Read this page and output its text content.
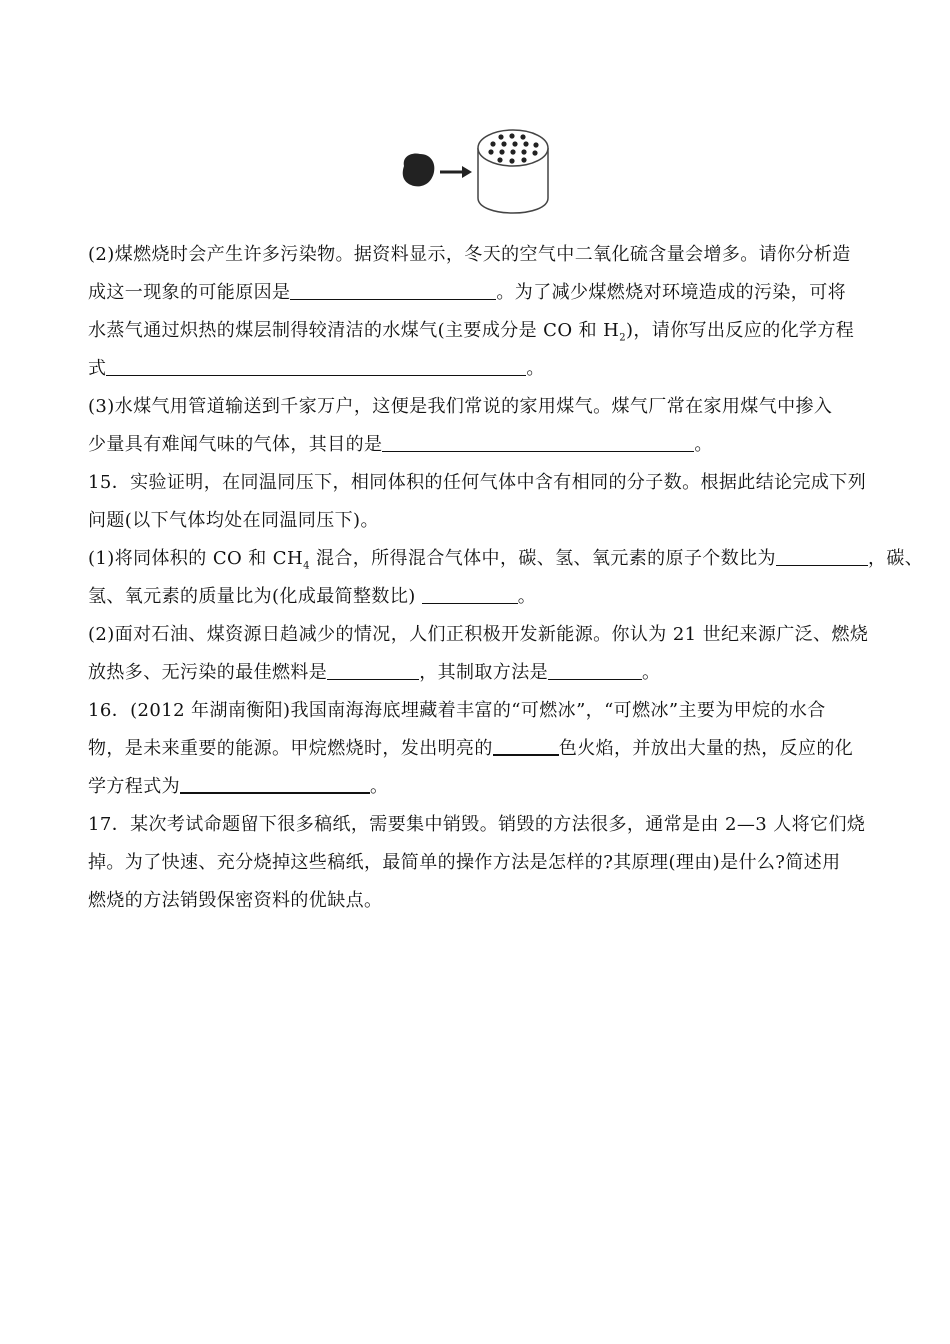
(2)煤燃烧时会产生许多污染物。据资料显示，冬天的空气中二氧化硫含量会增多。请你分析造
成这一现象的可能原因是	。为了减少煤燃烧对环境造成的污染，可将
水蒸气通过炽热的煤层制得较清洁的水煤气(主要成分是 CO 和 $H_2$)，请你写出反应的化学方程
式	。
(3)水煤气用管道输送到千家万户，这便是我们常说的家用煤气。煤气厂常在家用煤气中掺入
少量具有难闻气味的气体，其目的是	。
15．实验证明，在同温同压下，相同体积的任何气体中含有相同的分子数。根据此结论完成下列
问题(以下气体均处在同温同压下)。
(1)将同体积的 CO 和 $CH_4$ 混合，所得混合气体中，碳、氢、氧元素的原子个数比为	，碳、
氢、氧元素的质量比为(化成最简整数比)	。
(2)面对石油、煤资源日趋减少的情况，人们正积极开发新能源。你认为 21 世纪来源广泛、燃烧
放热多、无污染的最佳燃料是	，其制取方法是	。
16．(2012 年湖南衡阳)我国南海海底埋藏着丰富的“可燃冰”，“可燃冰”主要为甲烷的水合
物，是未来重要的能源。甲烷燃烧时，发出明亮的	色火焰，并放出大量的热，反应的化
学方程式为	。
17．某次考试命题留下很多稿纸，需要集中销毁。销毁的方法很多，通常是由 2—3 人将它们烧
掉。为了快速、充分烧掉这些稿纸，最简单的操作方法是怎样的?其原理(理由)是什么?简述用
燃烧的方法销毁保密资料的优缺点。
